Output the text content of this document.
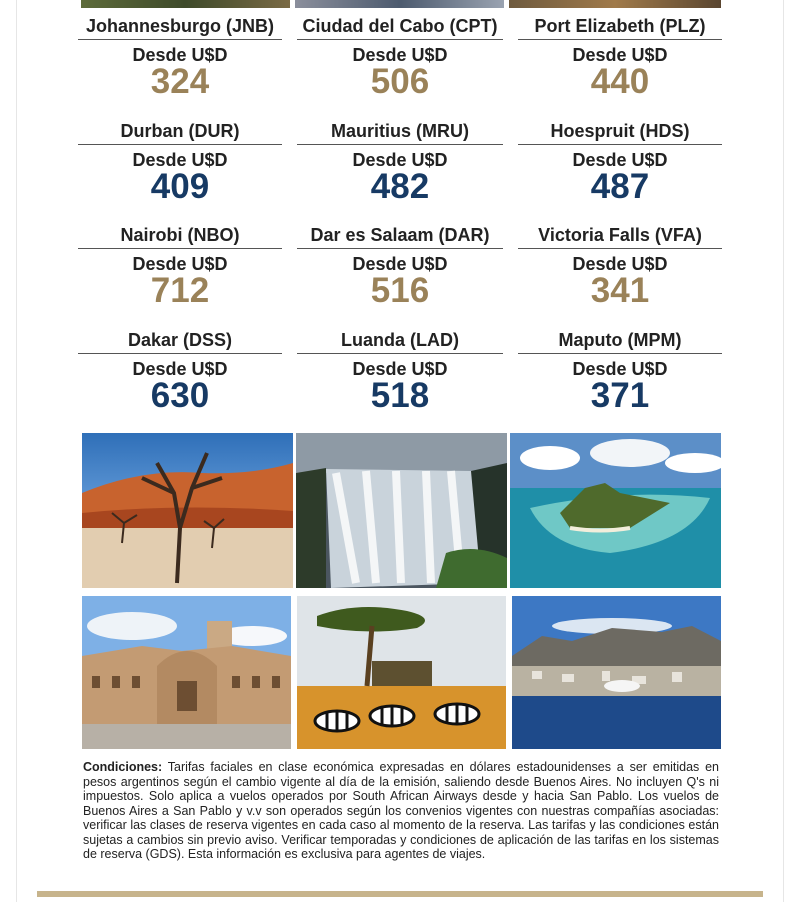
Johannesburgo (JNB)
Desde U$D
324
Ciudad del Cabo (CPT)
Desde U$D
506
Port Elizabeth (PLZ)
Desde U$D
440
Durban (DUR)
Desde U$D
409
Mauritius (MRU)
Desde U$D
482
Hoespruit (HDS)
Desde U$D
487
Nairobi (NBO)
Desde U$D
712
Dar es Salaam (DAR)
Desde U$D
516
Victoria Falls (VFA)
Desde U$D
341
Dakar (DSS)
Desde U$D
630
Luanda (LAD)
Desde U$D
518
Maputo (MPM)
Desde U$D
371
Condiciones: Tarifas faciales en clase económica expresadas en dólares estadounidenses a ser emitidas en pesos argentinos según el cambio vigente al día de la emisión, saliendo desde Buenos Aires. No incluyen Q's ni impuestos. Solo aplica a vuelos operados por South African Airways desde y hacia San Pablo. Los vuelos de Buenos Aires a San Pablo y v.v son operados según los convenios vigentes con nuestras compañías asociadas: verificar las clases de reserva vigentes en cada caso al momento de la reserva. Las tarifas y las condiciones están sujetas a cambios sin previo aviso. Verificar temporadas y condiciones de aplicación de las tarifas en los sistemas de reserva (GDS). Esta información es exclusiva para agentes de viajes.
